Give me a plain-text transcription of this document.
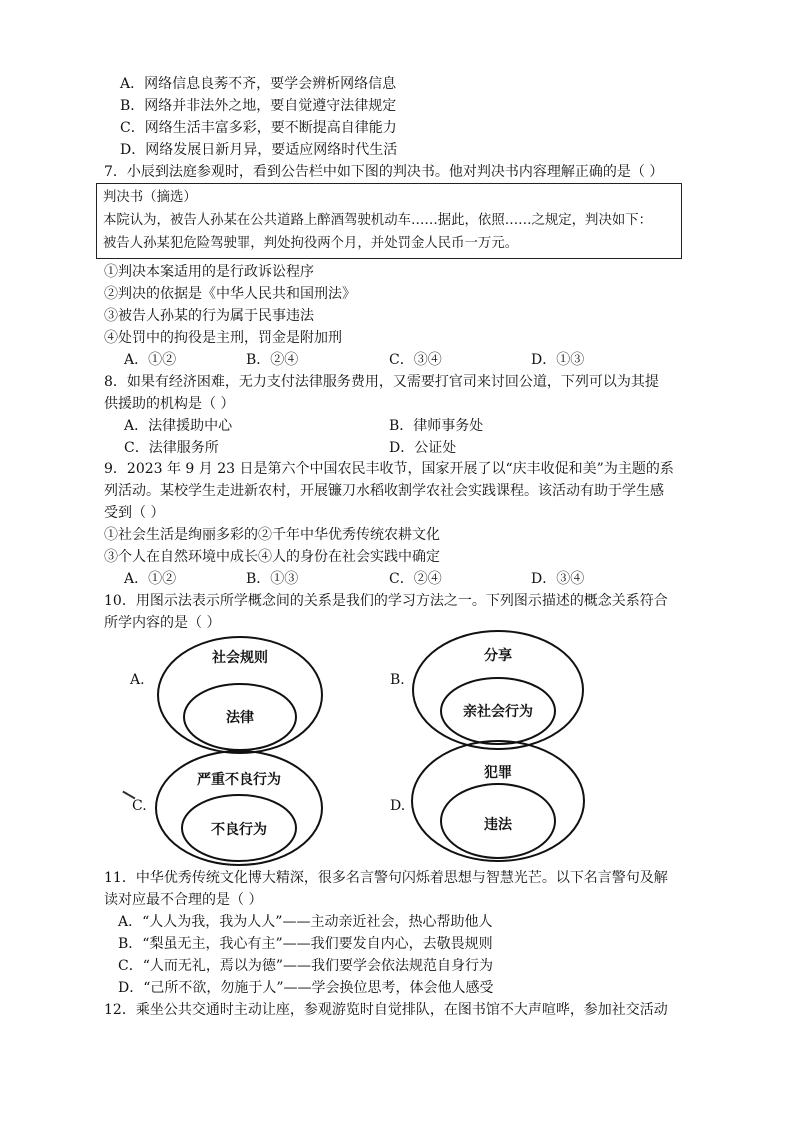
A．网络信息良莠不齐，要学会辨析网络信息
B．网络并非法外之地，要自觉遵守法律规定
C．网络生活丰富多彩，要不断提高自律能力
D．网络发展日新月异，要适应网络时代生活
7．小辰到法庭参观时，看到公告栏中如下图的判决书。他对判决书内容理解正确的是（ ）
判决书（摘选）
本院认为，被告人孙某在公共道路上醉酒驾驶机动车……据此，依照……之规定，判决如下：
被告人孙某犯危险驾驶罪，判处拘役两个月，并处罚金人民币一万元。
①判决本案适用的是行政诉讼程序
②判决的依据是《中华人民共和国刑法》
③被告人孙某的行为属于民事违法
④处罚中的拘役是主刑，罚金是附加刑
A．①②	B．②④	C．③④	D．①③
8．如果有经济困难，无力支付法律服务费用，又需要打官司来讨回公道，下列可以为其提
供援助的机构是（ ）
A．法律援助中心	B．律师事务处
C．法律服务所	D．公证处
9．2023 年 9 月 23 日是第六个中国农民丰收节，国家开展了以“庆丰收促和美”为主题的系
列活动。某校学生走进新农村，开展镰刀水稻收割学农社会实践课程。该活动有助于学生感
受到（ ）
①社会生活是绚丽多彩的②千年中华优秀传统农耕文化
③个人在自然环境中成长④人的身份在社会实践中确定
A．①②	B．①③	C．②④	D．③④
10．用图示法表示所学概念间的关系是我们的学习方法之一。下列图示描述的概念关系符合
所学内容的是（ ）
A.
社会规则
法律
B.
分享
亲社会行为
C.
严重不良行为
不良行为
D.
犯罪
违法
11．中华优秀传统文化博大精深，很多名言警句闪烁着思想与智慧光芒。以下名言警句及解
读对应最不合理的是（ ）
A．“人人为我，我为人人”——主动亲近社会，热心帮助他人
B．“梨虽无主，我心有主”——我们要发自内心，去敬畏规则
C．“人而无礼，焉以为德”——我们要学会依法规范自身行为
D．“己所不欲，勿施于人”——学会换位思考，体会他人感受
12．乘坐公共交通时主动让座，参观游览时自觉排队，在图书馆不大声喧哗，参加社交活动
